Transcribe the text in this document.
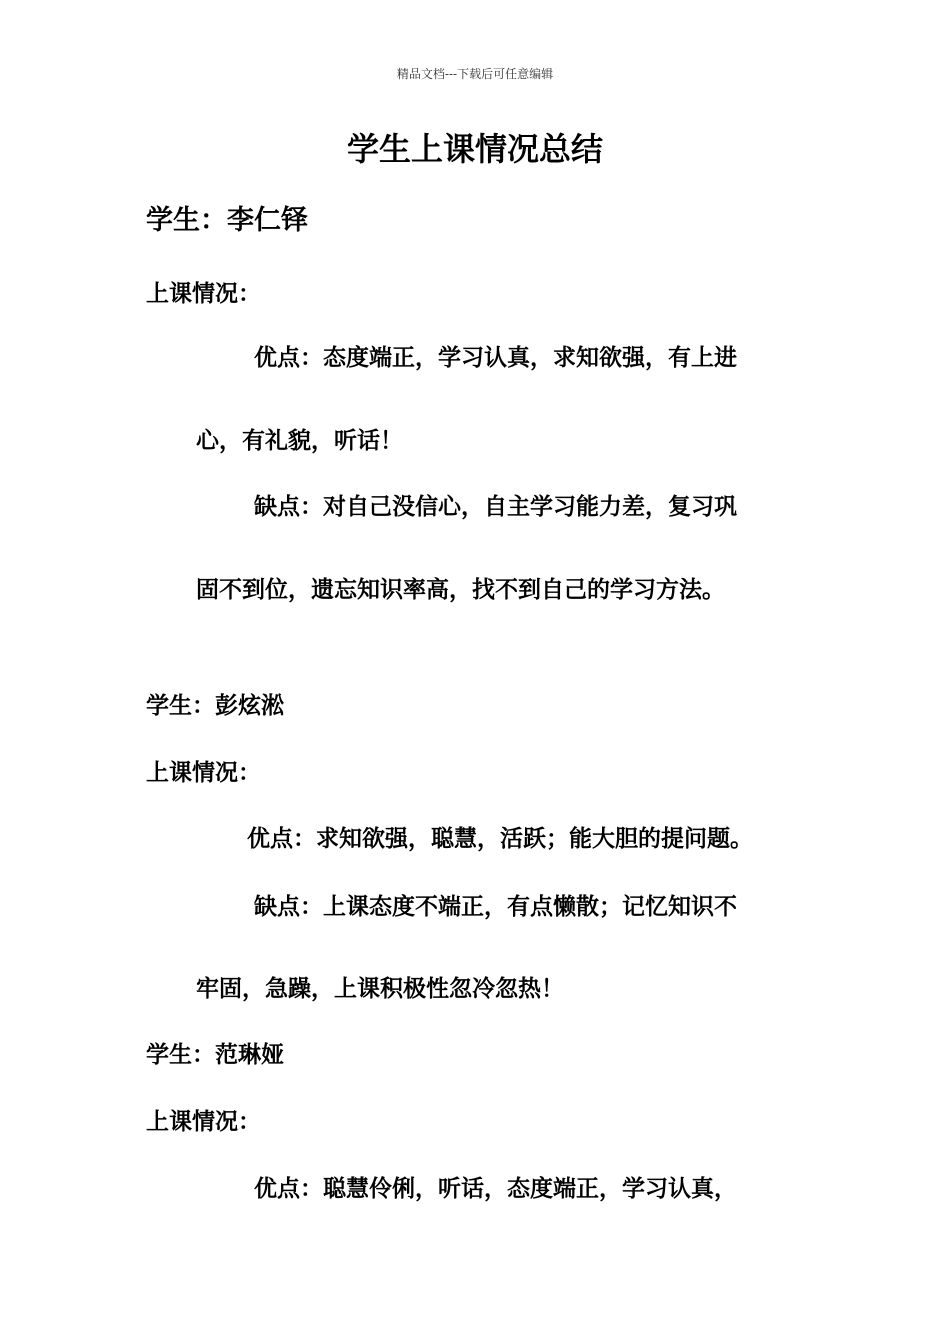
精品文档---下载后可任意编辑
学生上课情况总结
学生：李仁铎
上课情况：
优点：态度端正，学习认真，求知欲强，有上进
心，有礼貌，听话！
缺点：对自己没信心，自主学习能力差，复习巩
固不到位，遗忘知识率高，找不到自己的学习方法。
学生：彭炫淞
上课情况：
优点：求知欲强，聪慧，活跃；能大胆的提问题。
缺点：上课态度不端正，有点懒散；记忆知识不
牢固，急躁，上课积极性忽冷忽热！
学生：范琳娅
上课情况：
优点：聪慧伶俐，听话，态度端正，学习认真，
